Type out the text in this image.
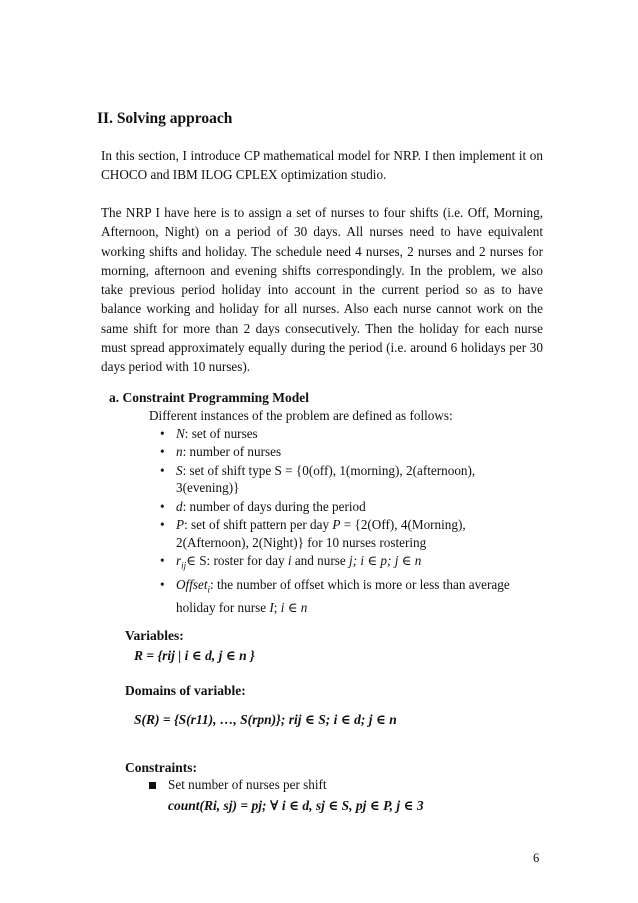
II. Solving approach
In this section, I introduce CP mathematical model for NRP. I then implement it on CHOCO and IBM ILOG CPLEX optimization studio.
The NRP I have here is to assign a set of nurses to four shifts (i.e. Off, Morning, Afternoon, Night) on a period of 30 days. All nurses need to have equivalent working shifts and holiday. The schedule need 4 nurses, 2 nurses and 2 nurses for morning, afternoon and evening shifts correspondingly. In the problem, we also take previous period holiday into account in the current period so as to have balance working and holiday for all nurses. Also each nurse cannot work on the same shift for more than 2 days consecutively. Then the holiday for each nurse must spread approximately equally during the period (i.e. around 6 holidays per 30 days period with 10 nurses).
a. Constraint Programming Model
Different instances of the problem are defined as follows:
• N: set of nurses
• n: number of nurses
• S: set of shift type S = {0(off), 1(morning), 2(afternoon), 3(evening)}
• d: number of days during the period
• P: set of shift pattern per day P = {2(Off), 4(Morning), 2(Afternoon), 2(Night)} for 10 nurses rostering
• $r_{ij}\in$ S: roster for day i and nurse j; i ∈ p; j ∈ n
• Offset$_i$: the number of offset which is more or less than average holiday for nurse I; i ∈ n
Variables:
R = {rij | i ∈ d, j ∈ n }
Domains of variable:
S(R) = {S(r11), …, S(rpn)}; rij ∈ S; i ∈ d; j ∈ n
Constraints:
Set number of nurses per shift
count(Ri, sj) = pj; ∀ i ∈ d, sj ∈ S, pj ∈ P, j ∈ 3
6
